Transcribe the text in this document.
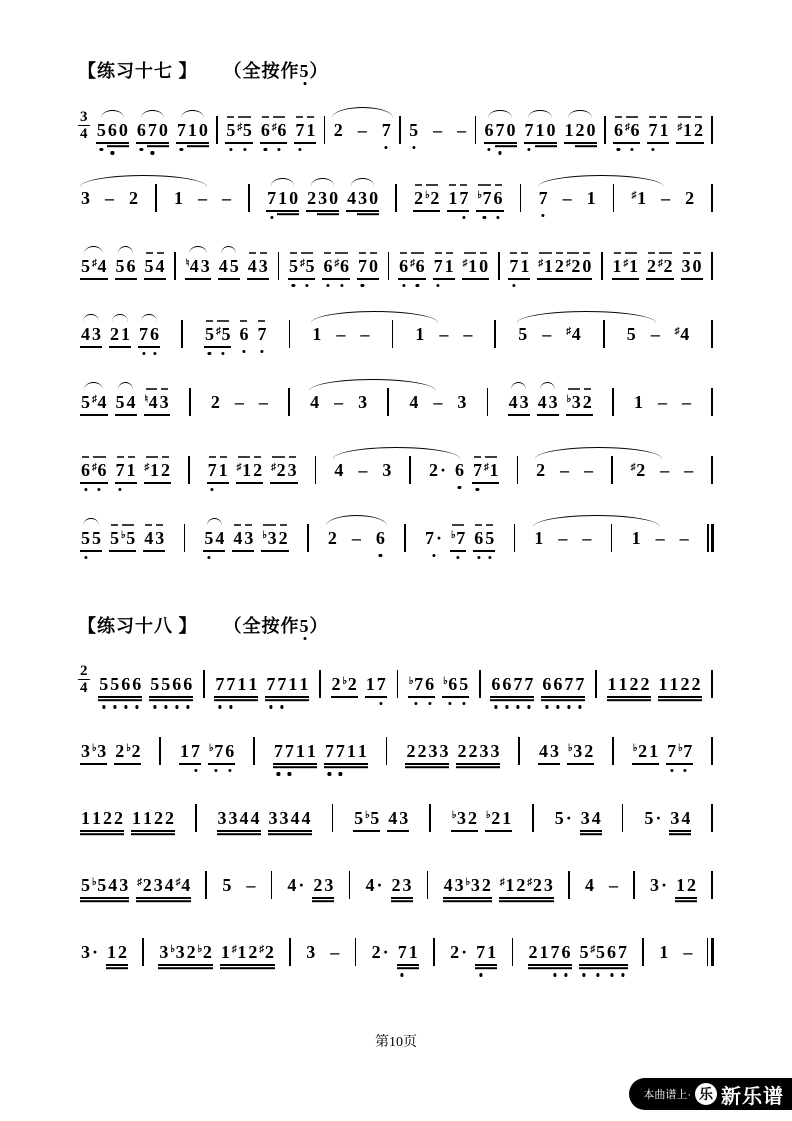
【练习十七 】 （全按作5）
$\frac{3}{4} 5$ 6 0 6 7 0 7 1 0 5 ♯5 6 ♯6 7 1 2 – 7 5 – – 6 7 0 7 1 0 1 2 0 6 ♯6 7 1 ♯1 2
3 – 2 1 – – 7 1 0 2 3 0 4 3 0 2 ♭2 1 7 ♭7 6 7 – 1	♯1 – 2
5 ♯4 5 6 5 4 ♮4 3 4 5 4 3 5 ♯5 6 ♯6 7 0 6 ♯6 7 1 ♯1 0 7 1 ♯1 2 ♯2 0 1 ♯1 2 ♯2 3 0
4 3 2 1 7 6	5 ♯5 6 7	1 – –	1 – –	5 – ♯4	5 – ♯4
5 ♯4 5 4 ♮4 3 2 – – 4 – 3 4 – 3 4 3 4 3 ♭3 2 1 – –
6 ♯6 7 1 ♯1 2 7 1 ♯1 2 ♯2 3 4 – 3 2 · 6 7 ♯1 2 – –	♯2 – –
5 5 5 ♭5 4 3 5 4 4 3 ♭3 2 2 – 6 7 · ♭7 6 5 1 – – 1 – –
【练习十八 】 （全按作5）
$\frac{2}{4} 5$ 5 6 6 5 5 6 6 7 7 1 1 7 7 1 1 2 ♭2 1 7 ♭7 6 ♭6 5 6 6 7 7 6 6 7 7 1 1 2 2 1 1 2 2
3 ♭3 2 ♭2 1 7 ♭7 6 7 7 1 1 7 7 1 1 2 2 3 3 2 2 3 3 4 3 ♭3 2	♭2 1 7 ♭7
1 1 2 2 1 1 2 2 3 3 4 4 3 3 4 4 5 ♭5 4 3	♭3 2 ♭2 1 5 · 3 4 5 · 3 4
5 ♭5 4 3 ♯2 3 4 ♯4 5 – 4 · 2 3 4 · 2 3 4 3 ♭3 2 ♯1 2 ♯2 3 4 – 3 · 1 2
3 · 1 2 3 ♭3 2 ♭2 1 ♯1 2 ♯2 3 – 2 · 7 1 2 · 7 1 2 1 7 6 5 ♯5 6 7 1 –
第10页
本曲谱上· 乐 新乐谱
